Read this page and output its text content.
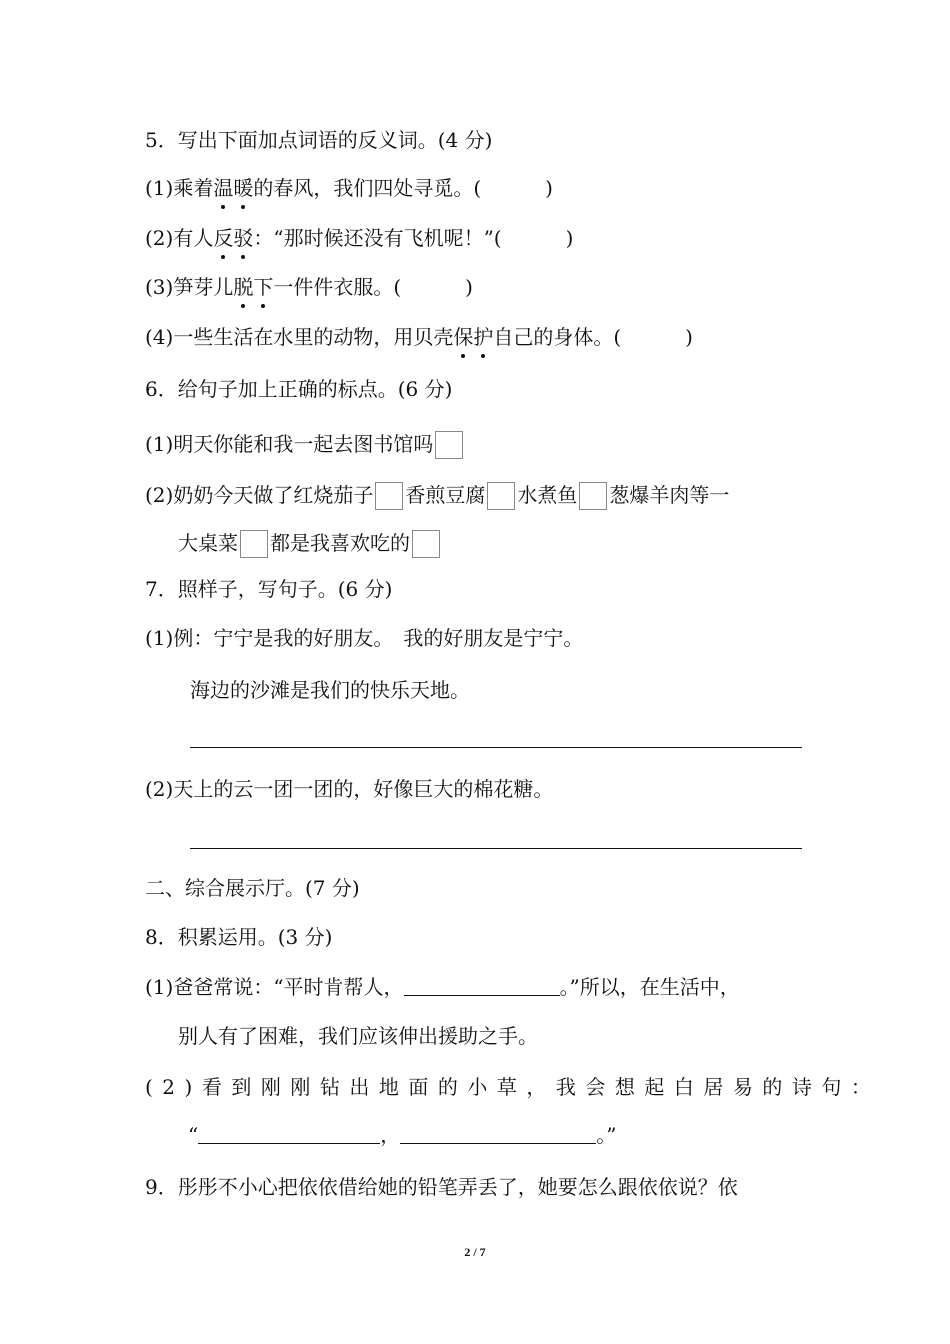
5．写出下面加点词语的反义词。(4 分)
(1)乘着温暖的春风，我们四处寻觅。(	)
(2)有人反驳：“那时候还没有飞机呢！”(	)
(3)笋芽儿脱下一件件衣服。(	)
(4)一些生活在水里的动物，用贝壳保护自己的身体。(	)
6．给句子加上正确的标点。(6 分)
(1)明天你能和我一起去图书馆吗
(2)奶奶今天做了红烧茄子 香煎豆腐 水煮鱼 葱爆羊肉等一
大桌菜 都是我喜欢吃的
7．照样子，写句子。(6 分)
(1)例：宁宁是我的好朋友。　我的好朋友是宁宁。
海边的沙滩是我们的快乐天地。
(2)天上的云一团一团的，好像巨大的棉花糖。
二、综合展示厅。(7 分)
8．积累运用。(3 分)
(1)爸爸常说：“平时肯帮人，	。”所以，在生活中，
别人有了困难，我们应该伸出援助之手。
(2)看到刚刚钻出地面的小草，我会想起白居易的诗句：
“	，	。”
9．彤彤不小心把依依借给她的铅笔弄丢了，她要怎么跟依依说？依
2 / 7
